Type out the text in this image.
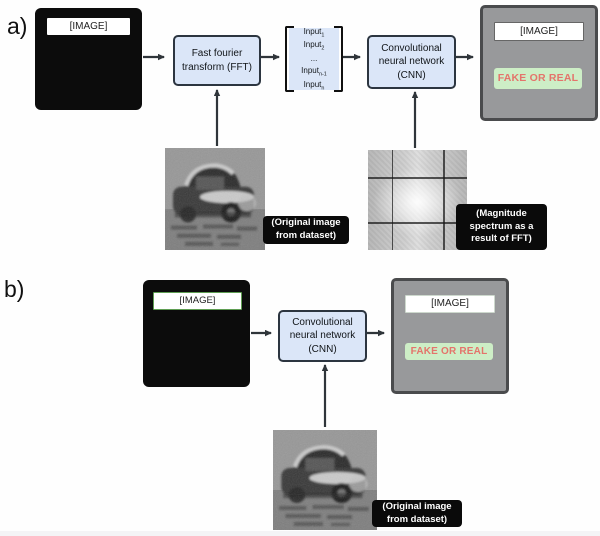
a)	[IMAGE]
Fast fourier
transform (FFT)
Input$_1$
Input$_2$
...
Input$_{n-1}$
Input$_n$
Convolutional
neural network
(CNN)
[IMAGE]
FAKE OR REAL
(Original image
from dataset)
(Magnitude
spectrum as a
result of FFT)
b)	[IMAGE]
Convolutional
neural network
(CNN)
[IMAGE]
FAKE OR REAL
(Original image
from dataset)
